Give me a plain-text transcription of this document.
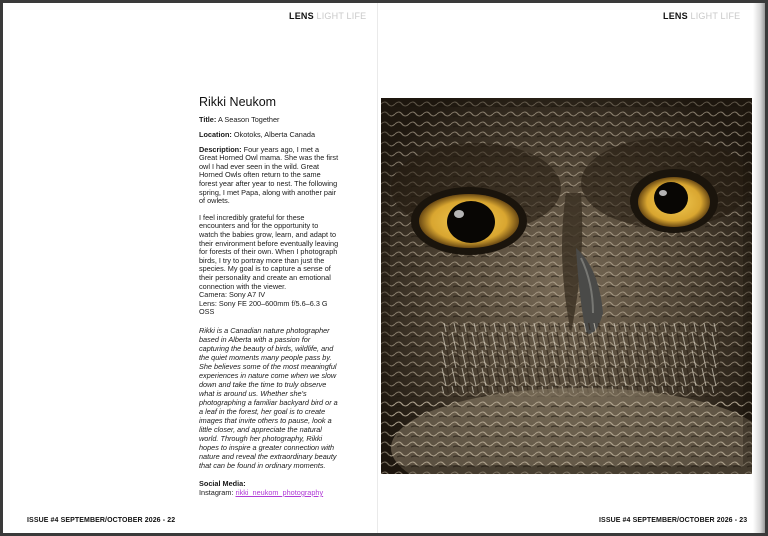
LENS LIGHT LIFE
Rikki Neukom
Title: A Season Together
Location: Okotoks, Alberta Canada
Description: Four years ago, I met a Great Horned Owl mama. She was the first owl I had ever seen in the wild. Great Horned Owls often return to the same forest year after year to nest. The following spring, I met Papa, along with another pair of owlets.
I feel incredibly grateful for these encounters and for the opportunity to watch the babies grow, learn, and adapt to their environment before eventually leaving for forests of their own. When I photograph birds, I try to portray more than just the species. My goal is to capture a sense of their personality and create an emotional connection with the viewer.
Camera: Sony A7 IV
Lens: Sony FE 200–600mm f/5.6–6.3 G OSS
Rikki is a Canadian nature photographer based in Alberta with a passion for capturing the beauty of birds, wildlife, and the quiet moments many people pass by. She believes some of the most meaningful experiences in nature come when we slow down and take the time to truly observe what is around us. Whether she's photographing a familiar backyard bird or a a leaf in the forest, her goal is to create images that invite others to pause, look a little closer, and appreciate the natural world. Through her photography, Rikki hopes to inspire a greater connection with nature and reveal the extraordinary beauty that can be found in ordinary moments.
Social Media:
Instagram: rikki_neukom_photography
ISSUE #4 SEPTEMBER/OCTOBER 2026 - 22
LENS LIGHT LIFE
ISSUE #4 SEPTEMBER/OCTOBER 2026 - 23
